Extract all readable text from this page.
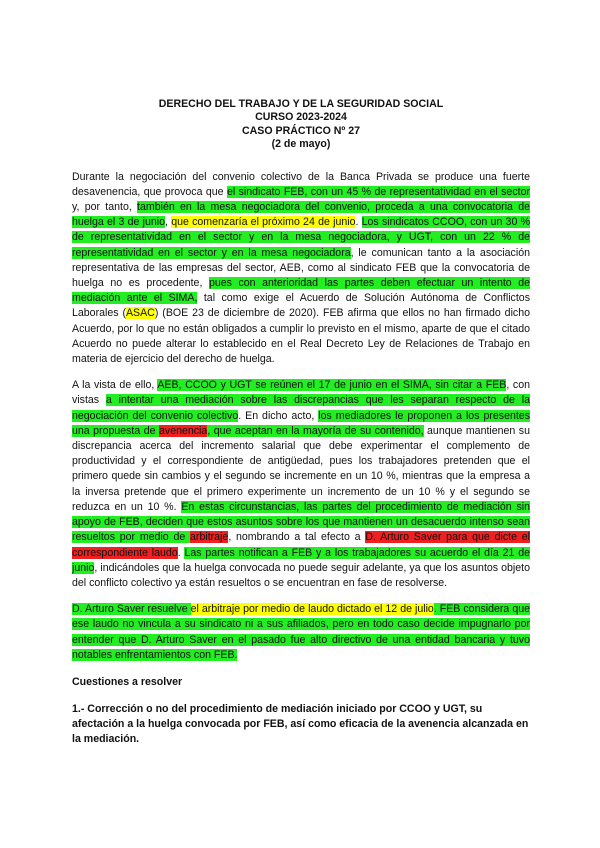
DERECHO DEL TRABAJO Y DE LA SEGURIDAD SOCIAL
CURSO 2023-2024
CASO PRÁCTICO Nº 27
(2 de mayo)

Durante la negociación del convenio colectivo de la Banca Privada se produce una fuerte desavenencia, que provoca que el sindicato FEB, con un 45 % de representatividad en el sector y, por tanto, también en la mesa negociadora del convenio, proceda a una convocatoria de huelga el 3 de junio, que comenzaría el próximo 24 de junio. Los sindicatos CCOO, con un 30 % de representatividad en el sector y en la mesa negociadora, y UGT, con un 22 % de representatividad en el sector y en la mesa negociadora, le comunican tanto a la asociación representativa de las empresas del sector, AEB, como al sindicato FEB que la convocatoria de huelga no es procedente, pues con anterioridad las partes deben efectuar un intento de mediación ante el SIMA, tal como exige el Acuerdo de Solución Autónoma de Conflictos Laborales (ASAC) (BOE 23 de diciembre de 2020). FEB afirma que ellos no han firmado dicho Acuerdo, por lo que no están obligados a cumplir lo previsto en el mismo, aparte de que el citado Acuerdo no puede alterar lo establecido en el Real Decreto Ley de Relaciones de Trabajo en materia de ejercicio del derecho de huelga.

A la vista de ello, AEB, CCOO y UGT se reúnen el 17 de junio en el SIMA, sin citar a FEB, con vistas a intentar una mediación sobre las discrepancias que les separan respecto de la negociación del convenio colectivo. En dicho acto, los mediadores le proponen a los presentes una propuesta de avenencia, que aceptan en la mayoría de su contenido, aunque mantienen su discrepancia acerca del incremento salarial que debe experimentar el complemento de productividad y el correspondiente de antigüedad, pues los trabajadores pretenden que el primero quede sin cambios y el segundo se incremente en un 10 %, mientras que la empresa a la inversa pretende que el primero experimente un incremento de un 10 % y el segundo se reduzca en un 10 %. En estas circunstancias, las partes del procedimiento de mediación sin apoyo de FEB, deciden que estos asuntos sobre los que mantienen un desacuerdo intenso sean resueltos por medio de arbitraje, nombrando a tal efecto a D. Arturo Saver para que dicte el correspondiente laudo. Las partes notifican a FEB y a los trabajadores su acuerdo el día 21 de junio, indicándoles que la huelga convocada no puede seguir adelante, ya que los asuntos objeto del conflicto colectivo ya están resueltos o se encuentran en fase de resolverse.

D. Arturo Saver resuelve el arbitraje por medio de laudo dictado el 12 de julio. FEB considera que ese laudo no vincula a su sindicato ni a sus afiliados, pero en todo caso decide impugnarlo por entender que D. Arturo Saver en el pasado fue alto directivo de una entidad bancaria y tuvo notables enfrentamientos con FEB.

Cuestiones a resolver
1.- Corrección o no del procedimiento de mediación iniciado por CCOO y UGT, su afectación a la huelga convocada por FEB, así como eficacia de la avenencia alcanzada en la mediación.
